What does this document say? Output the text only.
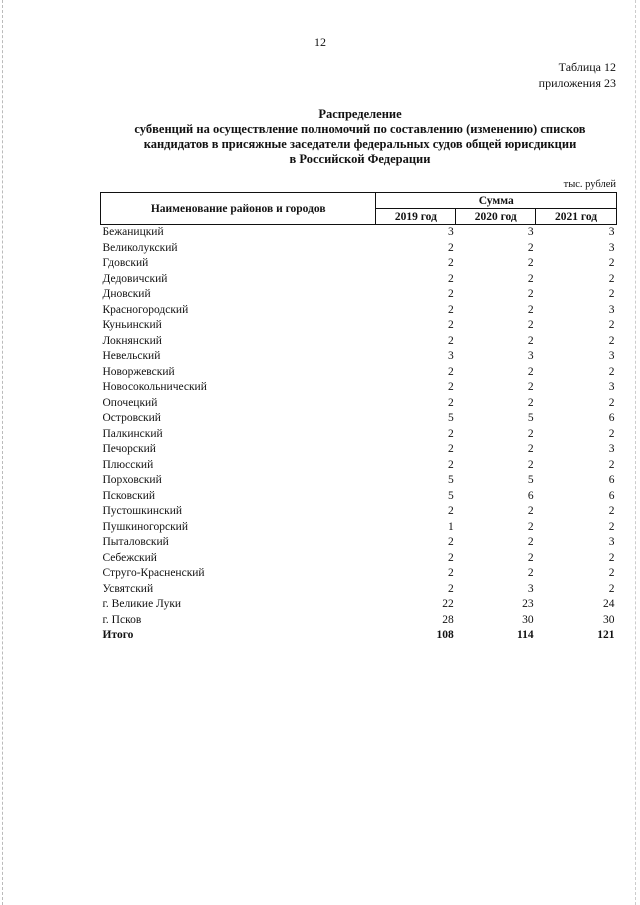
12
Таблица 12
приложения 23
Распределение
субвенций на осуществление полномочий по составлению (изменению) списков
кандидатов в присяжные заседатели федеральных судов общей юрисдикции
в Российской Федерации
тыс. рублей
Наименование районов и городов	Сумма		
	2019 год	2020 год	2021 год
Бежаницкий	3	3	3
Великолукский	2	2	3
Гдовский	2	2	2
Дедовичский	2	2	2
Дновский	2	2	2
Красногородский	2	2	3
Куньинский	2	2	2
Локнянский	2	2	2
Невельский	3	3	3
Новоржевский	2	2	2
Новосокольнический	2	2	3
Опочецкий	2	2	2
Островский	5	5	6
Палкинский	2	2	2
Печорский	2	2	3
Плюсский	2	2	2
Порховский	5	5	6
Псковский	5	6	6
Пустошкинский	2	2	2
Пушкиногорский	1	2	2
Пыталовский	2	2	3
Себежский	2	2	2
Струго-Красненский	2	2	2
Усвятский	2	3	2
г. Великие Луки	22	23	24
г. Псков	28	30	30
Итого	108	114	121
